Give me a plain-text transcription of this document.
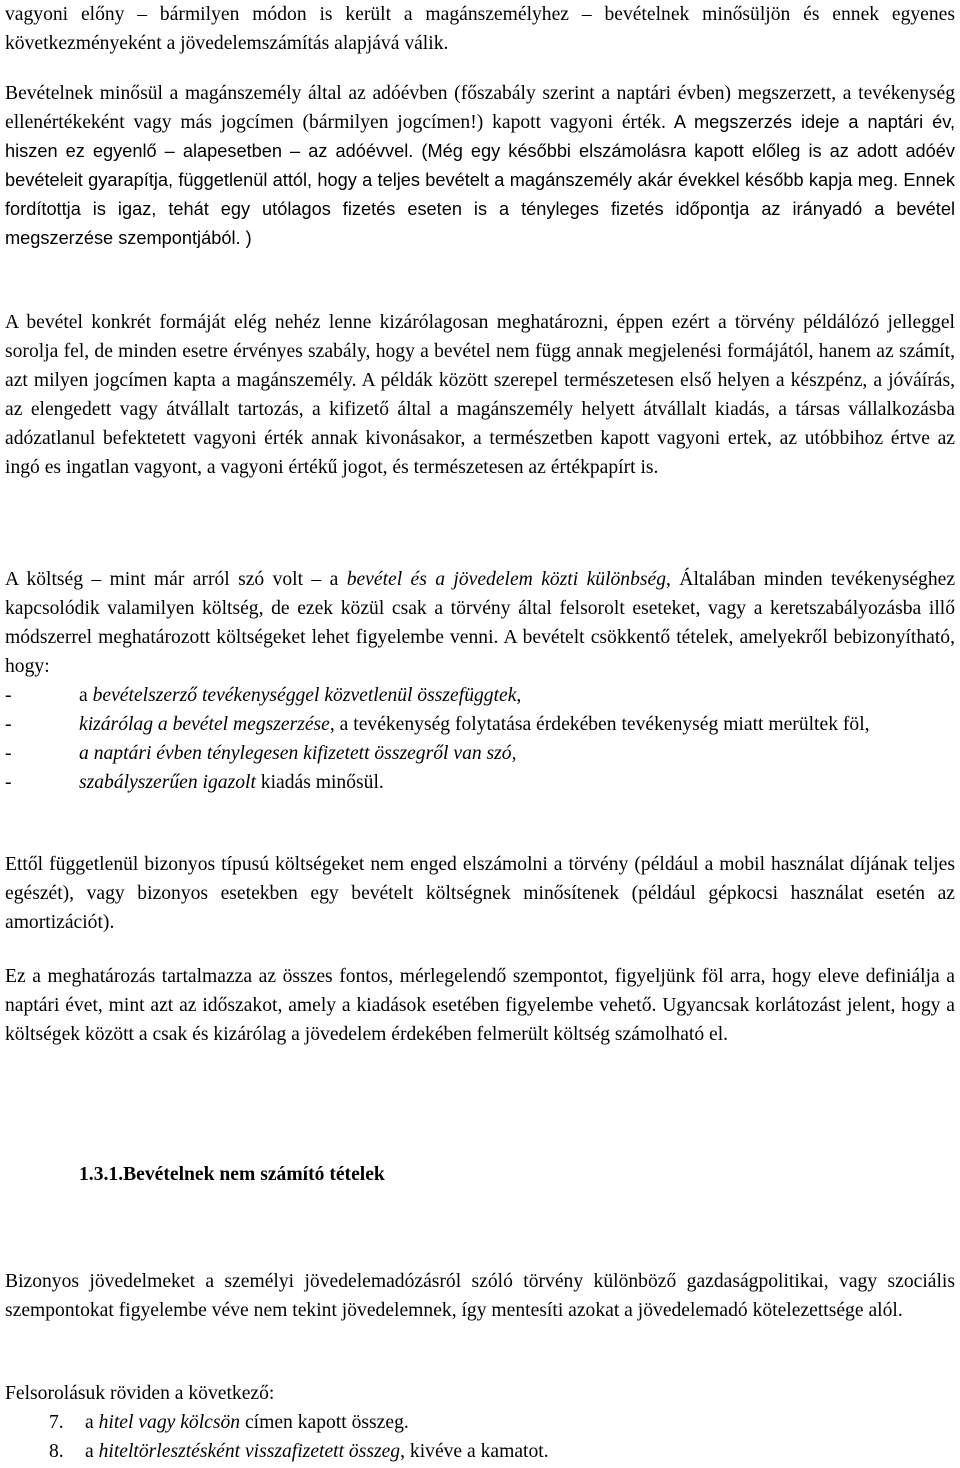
vagyoni előny – bármilyen módon is került a magánszemélyhez – bevételnek minősüljön és ennek egyenes következményeként a jövedelemszámítás alapjává válik.

Bevételnek minősül a magánszemély által az adóévben (főszabály szerint a naptári évben) megszerzett, a tevékenység ellenértékeként vagy más jogcímen (bármilyen jogcímen!) kapott vagyoni érték. A megszerzés ideje a naptári év, hiszen ez egyenlő – alapesetben – az adóévvel. (Még egy későbbi elszámolásra kapott előleg is az adott adóév bevételeit gyarapítja, függetlenül attól, hogy a teljes bevételt a magánszemély akár évekkel később kapja meg. Ennek fordítottja is igaz, tehát egy utólagos fizetés eseten is a tényleges fizetés időpontja az irányadó a bevétel megszerzése szempontjából. )

A bevétel konkrét formáját elég nehéz lenne kizárólagosan meghatározni, éppen ezért a törvény példálózó jelleggel sorolja fel, de minden esetre érvényes szabály, hogy a bevétel nem függ annak megjelenési formájától, hanem az számít, azt milyen jogcímen kapta a magánszemély. A példák között szerepel természetesen első helyen a készpénz, a jóváírás, az elengedett vagy átvállalt tartozás, a kifizető által a magánszemély helyett átvállalt kiadás, a társas vállalkozásba adózatlanul befektetett vagyoni érték annak kivonásakor, a természetben kapott vagyoni ertek, az utóbbihoz értve az ingó es ingatlan vagyont, a vagyoni értékű jogot, és természetesen az értékpapírt is.

A költség – mint már arról szó volt – a bevétel és a jövedelem közti különbség, Általában minden tevékenységhez kapcsolódik valamilyen költség, de ezek közül csak a törvény által felsorolt eseteket, vagy a keretszabályozásba illő módszerrel meghatározott költségeket lehet figyelembe venni. A bevételt csökkentő tételek, amelyekről bebizonyítható, hogy:

-	a bevételszerző tevékenységgel közvetlenül összefüggtek,
-	kizárólag a bevétel megszerzése, a tevékenység folytatása érdekében tevékenység miatt merültek föl,
-	a naptári évben ténylegesen kifizetett összegről van szó,
-	szabályszerűen igazolt kiadás minősül.

Ettől függetlenül bizonyos típusú költségeket nem enged elszámolni a törvény (például a mobil használat díjának teljes egészét), vagy bizonyos esetekben egy bevételt költségnek minősítenek (például gépkocsi használat esetén az amortizációt).

Ez a meghatározás tartalmazza az összes fontos, mérlegelendő szempontot, figyeljünk föl arra, hogy eleve definiálja a naptári évet, mint azt az időszakot, amely a kiadások esetében figyelembe vehető. Ugyancsak korlátozást jelent, hogy a költségek között a csak és kizárólag a jövedelem érdekében felmerült költség számolható el.

1.3.1.Bevételnek nem számító tételek

Bizonyos jövedelmeket a személyi jövedelemadózásról szóló törvény különböző gazdaságpolitikai, vagy szociális szempontokat figyelembe véve nem tekint jövedelemnek, így mentesíti azokat a jövedelemadó kötelezettsége alól.

Felsorolásuk röviden a következő:

7. a hitel vagy kölcsön címen kapott összeg.
8. a hiteltörlesztésként visszafizetett összeg, kivéve a kamatot.
